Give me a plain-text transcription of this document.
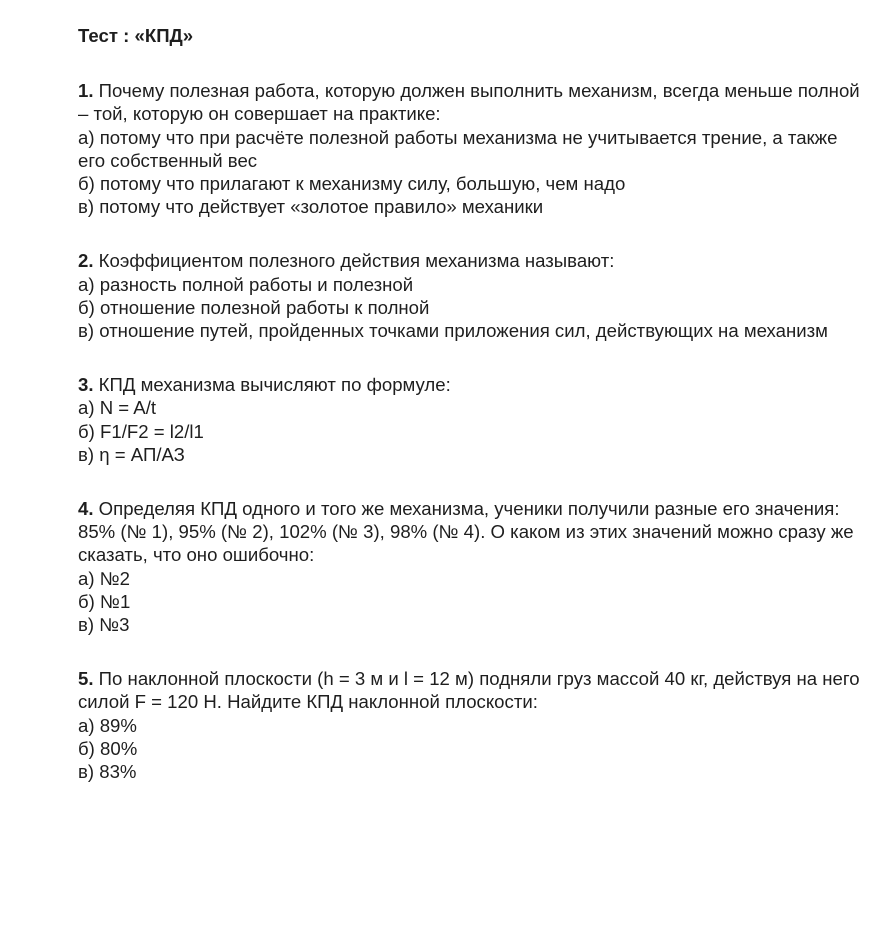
Тест : «КПД»

1. Почему полезная работа, которую должен выполнить механизм, всегда меньше полной – той, которую он совершает на практике:

а) потому что при расчёте полезной работы механизма не учитывается трение, а также его собственный вес

б) потому что прилагают к механизму силу, большую, чем надо

в) потому что действует «золотое правило» механики

2. Коэффициентом полезного действия механизма называют:

а) разность полной работы и полезной

б) отношение полезной работы к полной

в) отношение путей, пройденных точками приложения сил, действующих на механизм

3. КПД механизма вычисляют по формуле:

а) N = A/t

б) F1/F2 = l2/l1

в) η = АП/АЗ

4. Определяя КПД одного и того же механизма, ученики получили разные его значения: 85% (№ 1), 95% (№ 2), 102% (№ 3), 98% (№ 4). О каком из этих значений можно сразу же сказать, что оно ошибочно:

а) №2

б) №1

в) №3

5. По наклонной плоскости (h = 3 м и l = 12 м) подняли груз массой 40 кг, действуя на него силой F = 120 Н. Найдите КПД наклонной плоскости:

а) 89%

б) 80%

в) 83%
